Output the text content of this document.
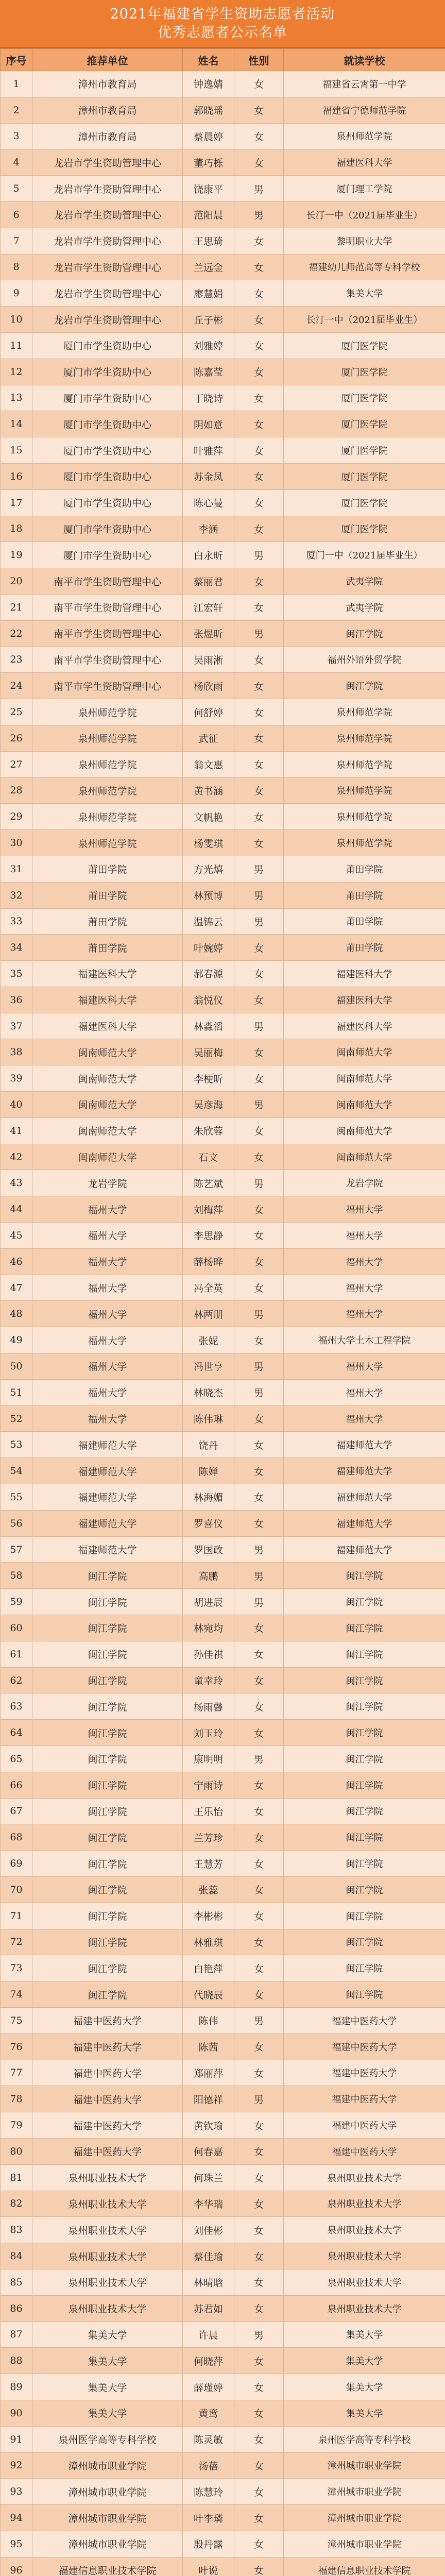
2021年福建省学生资助志愿者活动
优秀志愿者公示名单
序号	推荐单位	姓名	性别	就读学校
1	漳州市教育局	钟逸婧	女	福建省云霄第一中学
2	漳州市教育局	郭晓瑶	女	福建省宁德师范学院
3	漳州市教育局	蔡晨婷	女	泉州师范学院
4	龙岩市学生资助管理中心	董巧栎	女	福建医科大学
5	龙岩市学生资助管理中心	饶康平	男	厦门理工学院
6	龙岩市学生资助管理中心	范阳晨	男	长汀一中（2021届毕业生）
7	龙岩市学生资助管理中心	王思琦	女	黎明职业大学
8	龙岩市学生资助管理中心	兰远金	女	福建幼儿师范高等专科学校
9	龙岩市学生资助管理中心	廖慧娟	女	集美大学
10	龙岩市学生资助管理中心	丘子彬	女	长汀一中（2021届毕业生）
11	厦门市学生资助中心	刘雅婷	女	厦门医学院
12	厦门市学生资助中心	陈嘉莹	女	厦门医学院
13	厦门市学生资助中心	丁晓诗	女	厦门医学院
14	厦门市学生资助中心	阴如意	女	厦门医学院
15	厦门市学生资助中心	叶雅萍	女	厦门医学院
16	厦门市学生资助中心	苏金凤	女	厦门医学院
17	厦门市学生资助中心	陈心曼	女	厦门医学院
18	厦门市学生资助中心	李涵	女	厦门医学院
19	厦门市学生资助中心	白永昕	男	厦门一中（2021届毕业生）
20	南平市学生资助管理中心	蔡丽君	女	武夷学院
21	南平市学生资助管理中心	江宏轩	女	武夷学院
22	南平市学生资助管理中心	张煜昕	男	闽江学院
23	南平市学生资助管理中心	吴雨淅	女	福州外语外贸学院
24	南平市学生资助管理中心	杨欣雨	女	闽江学院
25	泉州师范学院	何舒婷	女	泉州师范学院
26	泉州师范学院	武征	女	泉州师范学院
27	泉州师范学院	翁文惠	女	泉州师范学院
28	泉州师范学院	黄书涵	女	泉州师范学院
29	泉州师范学院	文帆艳	女	泉州师范学院
30	泉州师范学院	杨雯琪	女	泉州师范学院
31	莆田学院	方光熺	男	莆田学院
32	莆田学院	林预博	男	莆田学院
33	莆田学院	温锦云	男	莆田学院
34	莆田学院	叶婉婷	女	莆田学院
35	福建医科大学	郝春源	女	福建医科大学
36	福建医科大学	翁悦仪	女	福建医科大学
37	福建医科大学	林淼滔	男	福建医科大学
38	闽南师范大学	吴丽梅	女	闽南师范大学
39	闽南师范大学	李梗昕	女	闽南师范大学
40	闽南师范大学	吴彦海	男	闽南师范大学
41	闽南师范大学	朱欣蓉	女	闽南师范大学
42	闽南师范大学	石文	女	闽南师范大学
43	龙岩学院	陈艺斌	男	龙岩学院
44	福州大学	刘梅萍	女	福州大学
45	福州大学	李思静	女	福州大学
46	福州大学	薛杨晔	女	福州大学
47	福州大学	冯全英	女	福州大学
48	福州大学	林两朋	男	福州大学
49	福州大学	张妮	女	福州大学土木工程学院
50	福州大学	冯世亨	男	福州大学
51	福州大学	林晓杰	男	福州大学
52	福州大学	陈伟琳	女	福州大学
53	福建师范大学	饶丹	女	福建师范大学
54	福建师范大学	陈婵	女	福建师范大学
55	福建师范大学	林海媚	女	福建师范大学
56	福建师范大学	罗喜仪	女	福建师范大学
57	福建师范大学	罗国政	男	福建师范大学
58	闽江学院	高鹏	男	闽江学院
59	闽江学院	胡进辰	男	闽江学院
60	闽江学院	林宛均	女	闽江学院
61	闽江学院	孙佳祺	女	闽江学院
62	闽江学院	童幸玲	女	闽江学院
63	闽江学院	杨雨馨	女	闽江学院
64	闽江学院	刘玉玲	女	闽江学院
65	闽江学院	康明明	男	闽江学院
66	闽江学院	宁雨诗	女	闽江学院
67	闽江学院	王乐怡	女	闽江学院
68	闽江学院	兰芳珍	女	闽江学院
69	闽江学院	王慧芳	女	闽江学院
70	闽江学院	张蕊	女	闽江学院
71	闽江学院	李彬彬	女	闽江学院
72	闽江学院	林雅琪	女	闽江学院
73	闽江学院	白艳萍	女	闽江学院
74	闽江学院	代晓辰	女	闽江学院
75	福建中医药大学	陈伟	男	福建中医药大学
76	福建中医药大学	陈茜	女	福建中医药大学
77	福建中医药大学	郑丽萍	女	福建中医药大学
78	福建中医药大学	阳德祥	男	福建中医药大学
79	福建中医药大学	黄钦瑜	女	福建中医药大学
80	福建中医药大学	何春嘉	女	福建中医药大学
81	泉州职业技术大学	何珠兰	女	泉州职业技术大学
82	泉州职业技术大学	李华瑞	女	泉州职业技术大学
83	泉州职业技术大学	刘佳彬	女	泉州职业技术大学
84	泉州职业技术大学	蔡佳瑜	女	泉州职业技术大学
85	泉州职业技术大学	林晴晗	女	泉州职业技术大学
86	泉州职业技术大学	苏君如	女	泉州职业技术大学
87	集美大学	许晨	男	集美大学
88	集美大学	何晓萍	女	集美大学
89	集美大学	薛瑾婷	女	集美大学
90	集美大学	黄鸾	女	集美大学
91	泉州医学高等专科学校	陈灵敏	女	泉州医学高等专科学校
92	漳州城市职业学院	汤蓓	女	漳州城市职业学院
93	漳州城市职业学院	陈慧玲	女	漳州城市职业学院
94	漳州城市职业学院	叶李璘	女	漳州城市职业学院
95	漳州城市职业学院	殷丹露	女	漳州城市职业学院
96	福建信息职业技术学院	叶说	女	福建信息职业技术学院
